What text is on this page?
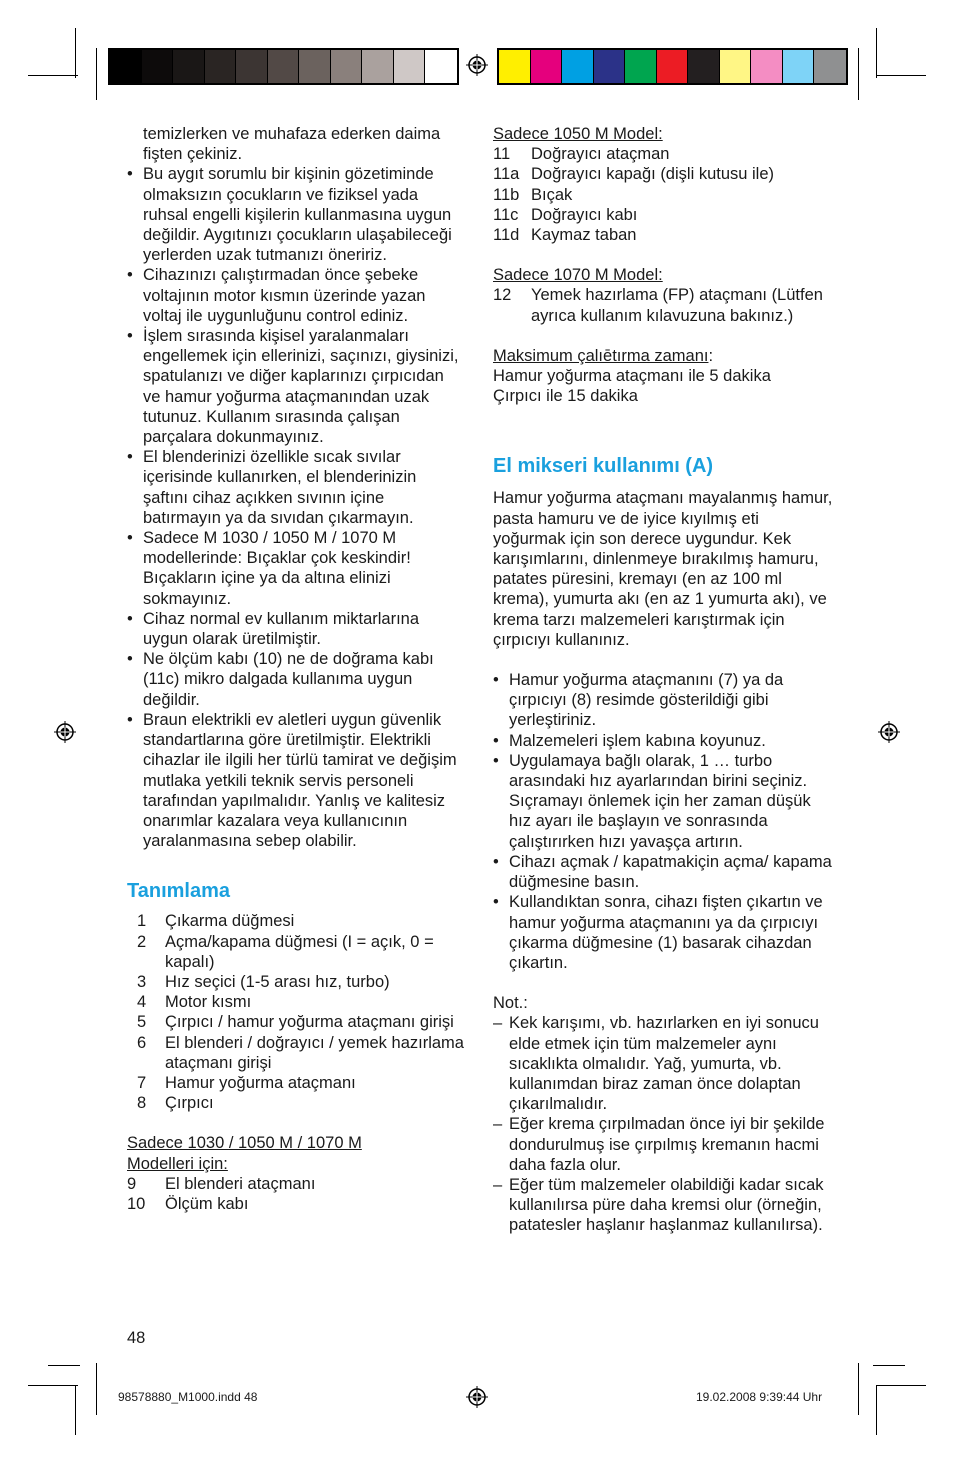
temizlerken ve muhafaza ederken daima fişten çekiniz.

• Bu aygıt sorumlu bir kişinin gözetiminde olmaksızın çocukların ve fiziksel yada ruhsal engelli kişilerin kullanmasına uygun değildir. Aygıtınızı çocukların ulaşabileceği yerlerden uzak tutmanızı öneririz.
• Cihazınızı çalıştırmadan önce şebeke voltajının motor kısmın üzerinde yazan voltaj ile uygunluğunu control ediniz.
• İşlem sırasında kişisel yaralanmaları engellemek için ellerinizi, saçınızı, giysinizi, spatulanızı ve diğer kaplarınızı çırpıcıdan ve hamur yoğurma ataçmanından uzak tutunuz. Kullanım sırasında çalışan parçalara dokunmayınız.
• El blenderinizi özellikle sıcak sıvılar içerisinde kullanırken, el blenderinizin şaftını cihaz açıkken sıvının içine batırmayın ya da sıvıdan çıkarmayın.
• Sadece M 1030 / 1050 M / 1070 M modellerinde: Bıçaklar çok keskindir! Bıçakların içine ya da altına elinizi sokmayınız.
• Cihaz normal ev kullanım miktarlarına uygun olarak üretilmiştir.
• Ne ölçüm kabı (10) ne de doğrama kabı (11c) mikro dalgada kullanıma uygun değildir.
• Braun elektrikli ev aletleri uygun güvenlik standartlarına göre üretilmiştir. Elektrikli cihazlar ile ilgili her türlü tamirat ve değişim mutlaka yetkili teknik servis personeli tarafından yapılmalıdır. Yanlış ve kalitesiz onarımlar kazalara veya kullanıcının yaralanmasına sebep olabilir.
Tanımlama
1	Çıkarma düğmesi
2	Açma/kapama düğmesi (I = açık, 0 = kapalı)
3	Hız seçici (1-5 arası hız, turbo)
4	Motor kısmı
5	Çırpıcı / hamur yoğurma ataçmanı girişi
6	El blenderi / doğrayıcı / yemek hazırlama ataçmanı girişi
7	Hamur yoğurma ataçmanı
8	Çırpıcı

Sadece 1030 / 1050 M / 1070 M Modelleri için:

9	El blenderi ataçmanı
10	Ölçüm kabı
48

Sadece 1050 M Model:

11	Doğrayıcı ataçman
11a	Doğrayıcı kapağı (dişli kutusu ile)
11b	Bıçak
11c	Doğrayıcı kabı
11d	Kaymaz taban

Sadece 1070 M Model:

12	Yemek hazırlama (FP) ataçmanı (Lütfen ayrıca kullanım kılavuzuna bakınız.)

Maksimum çalıētırma zamanı:

Hamur yoğurma ataçmanı ile 5 dakika

Çırpıcı ile 15 dakika

El mikseri kullanımı (A)

Hamur yoğurma ataçmanı mayalanmış hamur, pasta hamuru ve de iyice kıyılmış eti yoğurmak için son derece uygundur. Kek karışımlarını, dinlenmeye bırakılmış hamuru, patates püresini, kremayı (en az 100 ml krema), yumurta akı (en az 1 yumurta akı), ve krema tarzı malzemeleri karıştırmak için çırpıcıyı kullanınız.

• Hamur yoğurma ataçmanını (7) ya da çırpıcıyı (8) resimde gösterildiği gibi yerleştiriniz.
• Malzemeleri işlem kabına koyunuz.
• Uygulamaya bağlı olarak, 1 … turbo arasındaki hız ayarlarından birini seçiniz. Sıçramayı önlemek için her zaman düşük hız ayarı ile başlayın ve sonrasında çalıştırırken hızı yavaşça artırın.
• Cihazı açmak / kapatmakiçin açma/ kapama düğmesine basın.
• Kullandıktan sonra, cihazı fişten çıkartın ve hamur yoğurma ataçmanını ya da çırpıcıyı çıkarma düğmesine (1) basarak cihazdan çıkartın.

Not.:

– Kek karışımı, vb. hazırlarken en iyi sonucu elde etmek için tüm malzemeler aynı sıcaklıkta olmalıdır. Yağ, yumurta, vb. kullanımdan biraz zaman önce dolaptan çıkarılmalıdır.
– Eğer krema çırpılmadan önce iyi bir şekilde dondurulmuş ise çırpılmış kremanın hacmi daha fazla olur.
– Eğer tüm malzemeler olabildiği kadar sıcak kullanılırsa püre daha kremsi olur (örneğin, patatesler haşlanır haşlanmaz kullanılırsa).
98578880_M1000.indd 48	19.02.2008 9:39:44 Uhr
